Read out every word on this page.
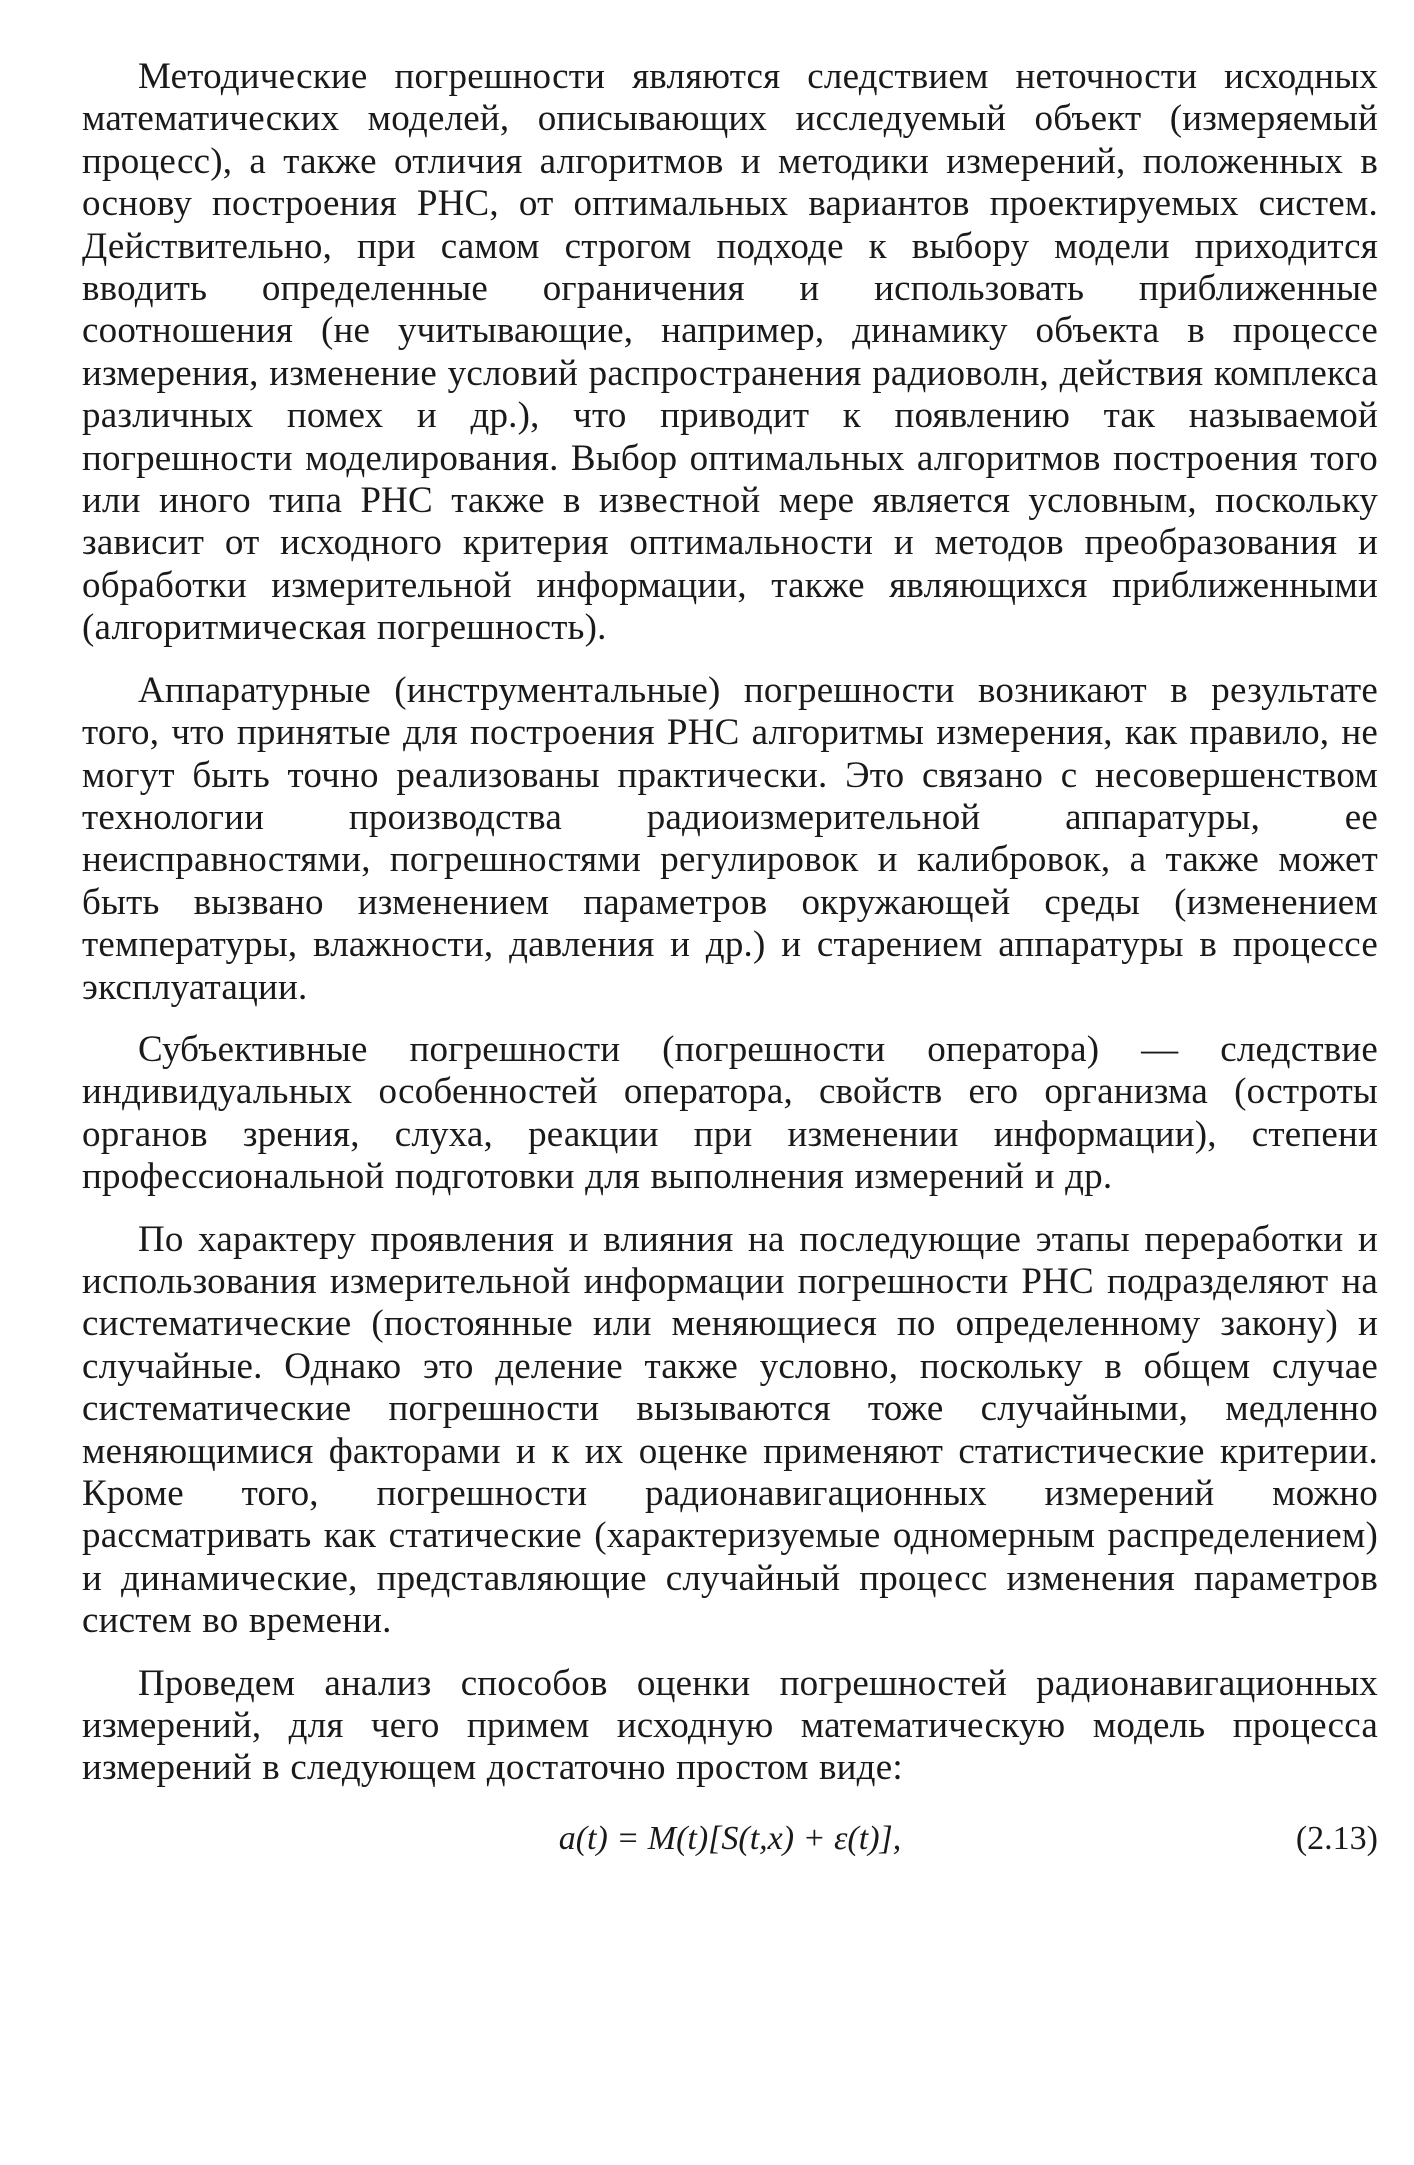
Методические погрешности являются следствием неточности исходных математических моделей, описывающих исследуемый объект (измеряемый процесс), а также отличия алгоритмов и методики измерений, положенных в основу построения РНС, от оптимальных вариантов проектируемых систем. Действительно, при самом строгом подходе к выбору модели приходится вводить определенные ограничения и использовать приближенные соотношения (не учитывающие, например, динамику объекта в процессе измерения, изменение условий распространения радиоволн, действия комплекса различных помех и др.), что приводит к появлению так называемой погрешности моделирования. Выбор оптимальных алгоритмов построения того или иного типа РНС также в известной мере является условным, поскольку зависит от исходного критерия оптимальности и методов преобразования и обработки измерительной информации, также являющихся приближенными (алгоритмическая погрешность).

Аппаратурные (инструментальные) погрешности возникают в результате того, что принятые для построения РНС алгоритмы измерения, как правило, не могут быть точно реализованы практически. Это связано с несовершенством технологии производства радиоизмерительной аппаратуры, ее неисправностями, погрешностями регулировок и калибровок, а также может быть вызвано изменением параметров окружающей среды (изменением температуры, влажности, давления и др.) и старением аппаратуры в процессе эксплуатации.

Субъективные погрешности (погрешности оператора) — следствие индивидуальных особенностей оператора, свойств его организма (остроты органов зрения, слуха, реакции при изменении информации), степени профессиональной подготовки для выполнения измерений и др.

По характеру проявления и влияния на последующие этапы переработки и использования измерительной информации погрешности РНС подразделяют на систематические (постоянные или меняющиеся по определенному закону) и случайные. Однако это деление также условно, поскольку в общем случае систематические погрешности вызываются тоже случайными, медленно меняющимися факторами и к их оценке применяют статистические критерии. Кроме того, погрешности радионавигационных измерений можно рассматривать как статические (характеризуемые одномерным распределением) и динамические, представляющие случайный процесс изменения параметров систем во времени.

Проведем анализ способов оценки погрешностей радионавигационных измерений, для чего примем исходную математическую модель процесса измерений в следующем достаточно простом виде:

a(t) = M(t)[S(t,x) + ε(t)],	(2.13)
